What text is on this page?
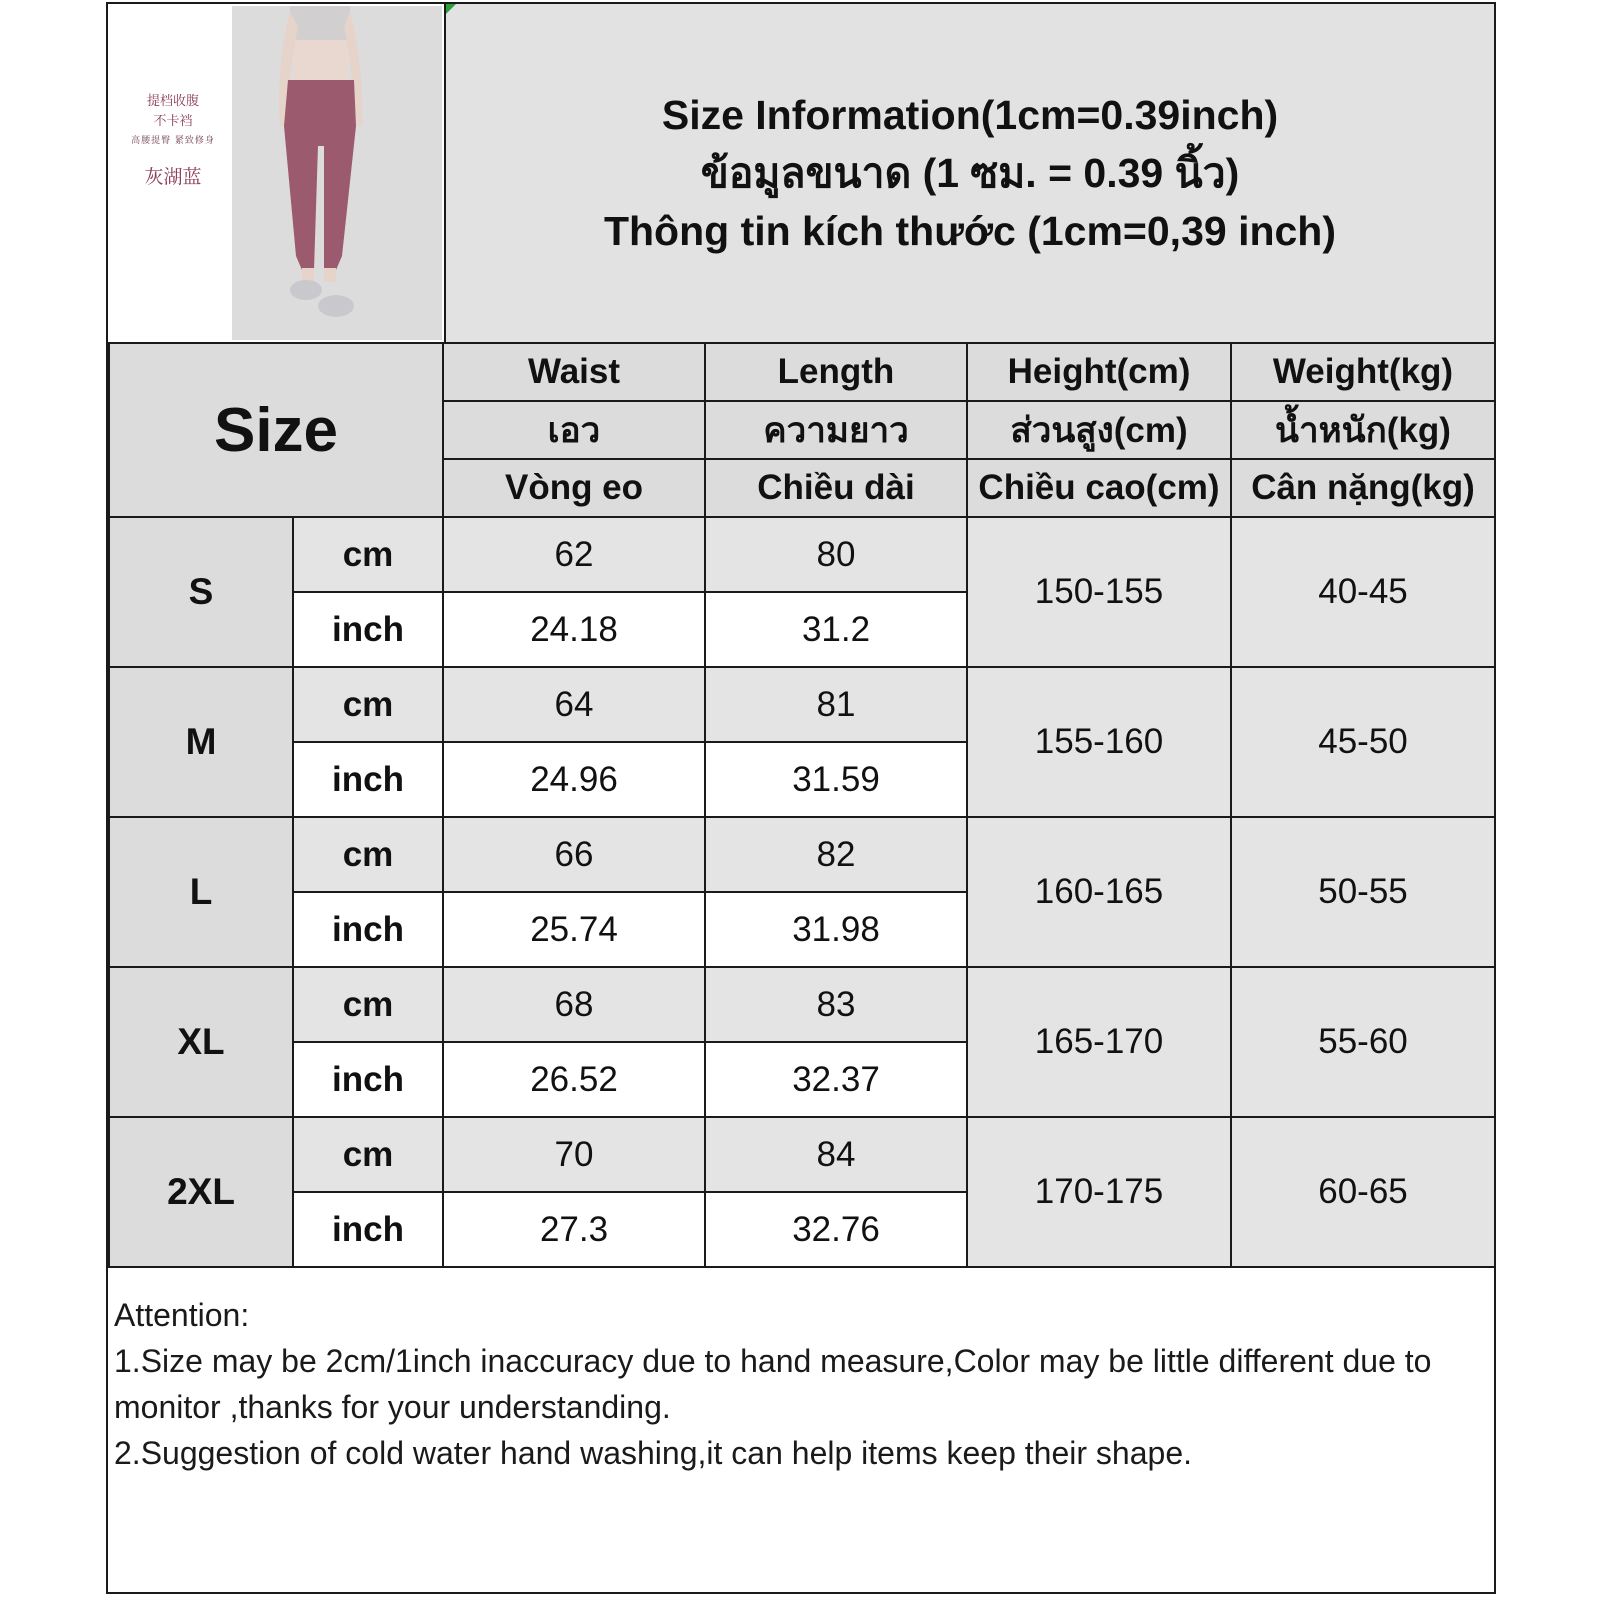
提档收腹
不卡裆
高腰提臀 紧致修身
灰湖蓝
Size Information(1cm=0.39inch)
ข้อมูลขนาด (1 ซม. = 0.39 นิ้ว)
Thông tin kích thước (1cm=0,39 inch)
Size		Waist	Length	Height(cm)	Weight(kg)
		เอว	ความยาว	ส่วนสูง(cm)	น้ำหนัก(kg)
		Vòng eo	Chiều dài	Chiều cao(cm)	Cân nặng(kg)
S	cm	62	80	150-155	40-45
	inch	24.18	31.2		
M	cm	64	81	155-160	45-50
	inch	24.96	31.59		
L	cm	66	82	160-165	50-55
	inch	25.74	31.98		
XL	cm	68	83	165-170	55-60
	inch	26.52	32.37		
2XL	cm	70	84	170-175	60-65
	inch	27.3	32.76		
Attention:
1.Size may be 2cm/1inch inaccuracy due to hand measure,Color may be little different due to monitor ,thanks for your understanding.
2.Suggestion of cold water hand washing,it can help items keep their shape.
